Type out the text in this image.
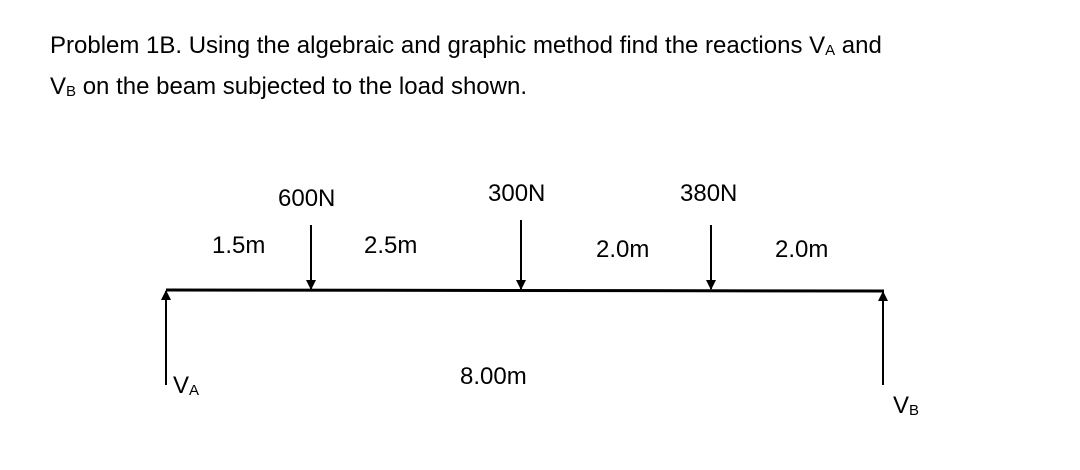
Problem 1B. Using the algebraic and graphic method find the reactions $V_A$ and
$V_B$ on the beam subjected to the load shown.

600N	300N	380N
1.5m	2.5m	2.0m	2.0m
8.00m
$V_A$
$V_B$
